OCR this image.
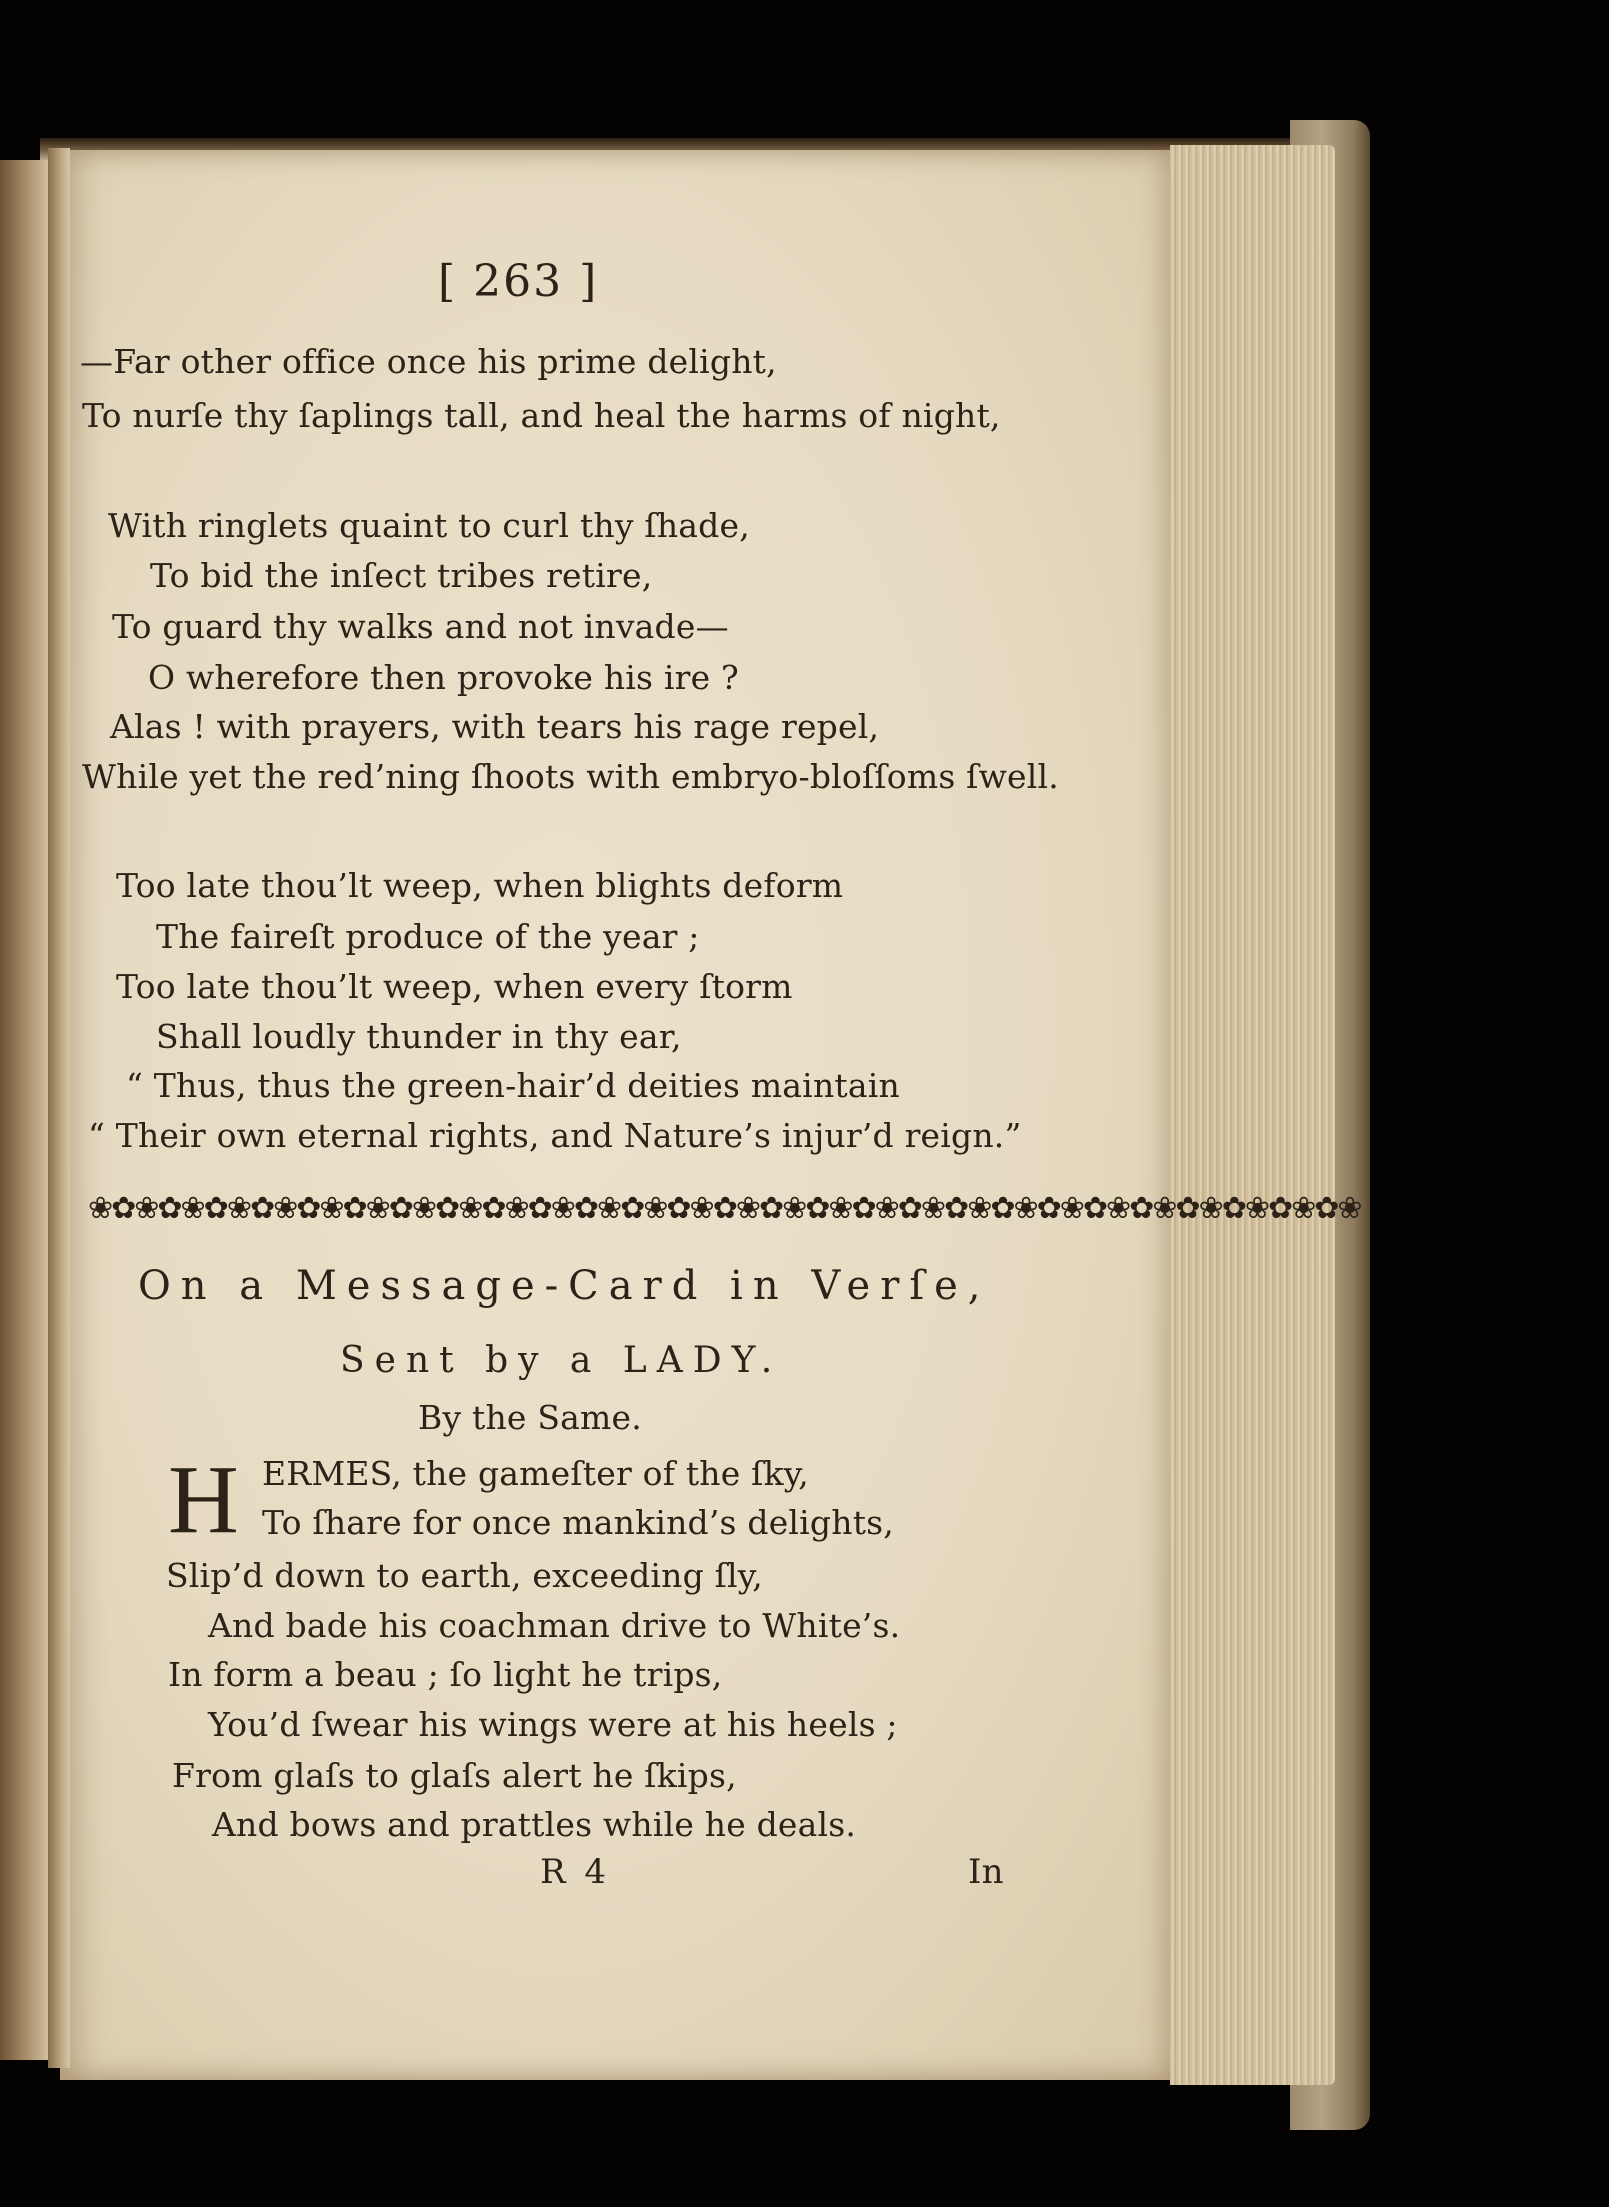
[ 263 ]
—Far other office once his prime delight,
To nurſe thy ſaplings tall, and heal the harms of night,
With ringlets quaint to curl thy ſhade,
To bid the inſect tribes retire,
To guard thy walks and not invade—
O wherefore then provoke his ire ?
Alas ! with prayers, with tears his rage repel,
While yet the red’ning ſhoots with embryo-bloſſoms ſwell.
Too late thou’lt weep, when blights deform
The faireſt produce of the year ;
Too late thou’lt weep, when every ſtorm
Shall loudly thunder in thy ear,
“ Thus, thus the green-hair’d deities maintain
“ Their own eternal rights, and Nature’s injur’d reign.”
❀✿❀✿❀✿❀✿❀✿❀✿❀✿❀✿❀✿❀✿❀✿❀✿❀✿❀✿❀✿❀✿❀✿❀✿❀✿❀✿❀✿❀✿❀✿❀✿❀✿❀✿❀✿❀
On a Message-Card in Verſe,
Sent by a LADY.
By the Same.
H ERMES, the gameſter of the ſky,
To ſhare for once mankind’s delights,
Slip’d down to earth, exceeding ſly,
And bade his coachman drive to White’s.
In form a beau ; ſo light he trips,
You’d ſwear his wings were at his heels ;
From glaſs to glaſs alert he ſkips,
And bows and prattles while he deals.
R 4	In
